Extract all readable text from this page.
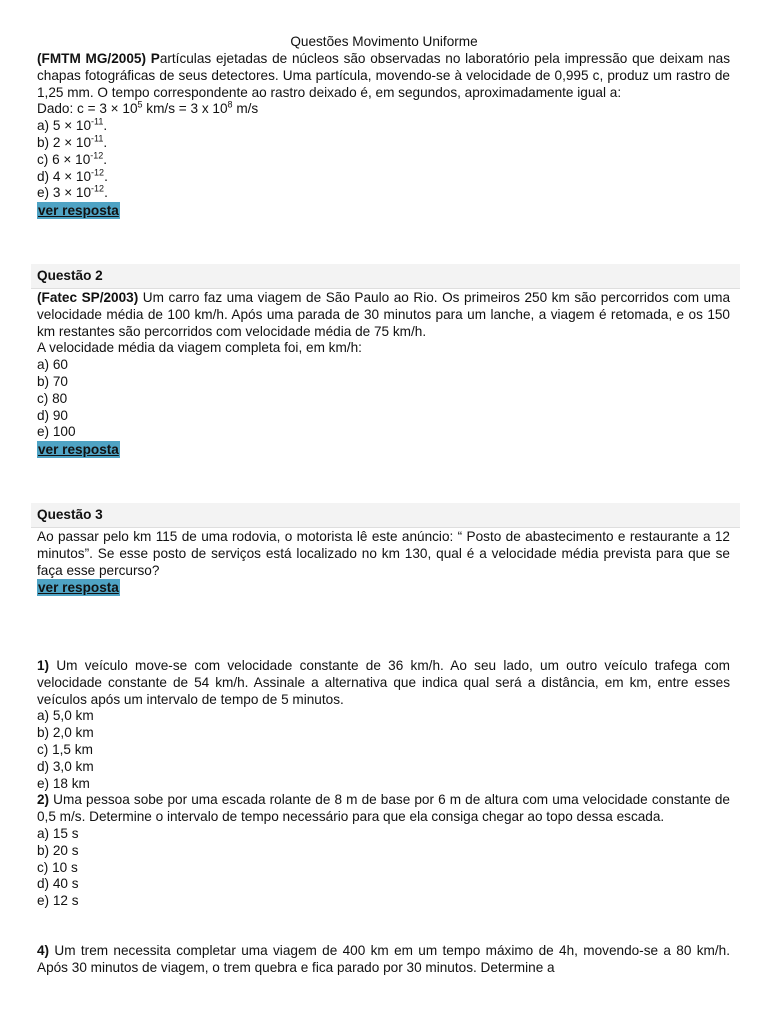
Questões Movimento Uniforme
(FMTM MG/2005) Partículas ejetadas de núcleos são observadas no laboratório pela impressão que deixam nas chapas fotográficas de seus detectores. Uma partícula, movendo-se à velocidade de 0,995 c, produz um rastro de 1,25 mm. O tempo correspondente ao rastro deixado é, em segundos, aproximadamente igual a:
Dado: $c = 3 \times 10^5$ km/s = 3 x $10^8$ m/s
a) $5 \times 10^{-11}$.
b) $2 \times 10^{-11}$.
c) $6 \times 10^{-12}$.
d) $4 \times 10^{-12}$.
e) $3 \times 10^{-12}$.
ver resposta
Questão 2
(Fatec SP/2003) Um carro faz uma viagem de São Paulo ao Rio. Os primeiros 250 km são percorridos com uma velocidade média de 100 km/h. Após uma parada de 30 minutos para um lanche, a viagem é retomada, e os 150 km restantes são percorridos com velocidade média de 75 km/h.
A velocidade média da viagem completa foi, em km/h:
a) 60
b) 70
c) 80
d) 90
e) 100
ver resposta
Questão 3
Ao passar pelo km 115 de uma rodovia, o motorista lê este anúncio: “ Posto de abastecimento e restaurante a 12 minutos”. Se esse posto de serviços está localizado no km 130, qual é a velocidade média prevista para que se faça esse percurso?
ver resposta
1) Um veículo move-se com velocidade constante de 36 km/h. Ao seu lado, um outro veículo trafega com velocidade constante de 54 km/h. Assinale a alternativa que indica qual será a distância, em km, entre esses veículos após um intervalo de tempo de 5 minutos.
a) 5,0 km
b) 2,0 km
c) 1,5 km
d) 3,0 km
e) 18 km
2) Uma pessoa sobe por uma escada rolante de 8 m de base por 6 m de altura com uma velocidade constante de 0,5 m/s. Determine o intervalo de tempo necessário para que ela consiga chegar ao topo dessa escada.
a) 15 s
b) 20 s
c) 10 s
d) 40 s
e) 12 s
4) Um trem necessita completar uma viagem de 400 km em um tempo máximo de 4h, movendo-se a 80 km/h. Após 30 minutos de viagem, o trem quebra e fica parado por 30 minutos. Determine a
